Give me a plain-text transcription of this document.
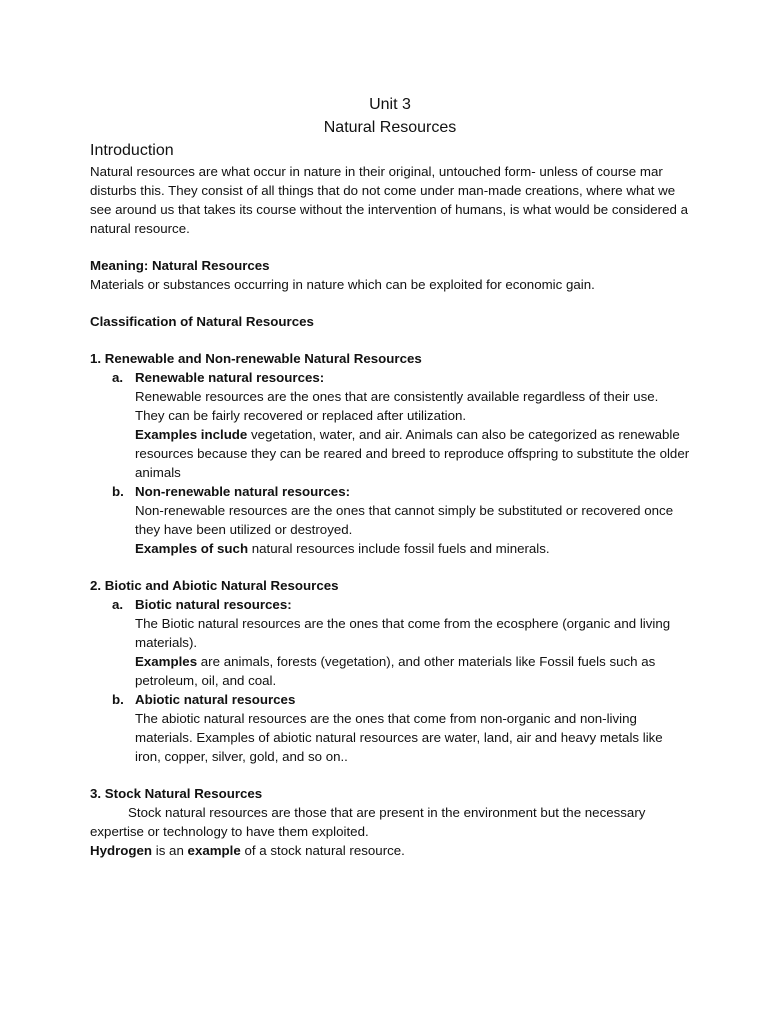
Unit 3

Natural Resources

Introduction

Natural resources are what occur in nature in their original, untouched form- unless of course mar disturbs this. They consist of all things that do not come under man-made creations, where what we see around us that takes its course without the intervention of humans, is what would be considered a natural resource.

Meaning: Natural Resources

Materials or substances occurring in nature which can be exploited for economic gain.

Classification of Natural Resources

1. Renewable and Non-renewable Natural Resources

a. Renewable natural resources:

Renewable resources are the ones that are consistently available regardless of their use. They can be fairly recovered or replaced after utilization.

Examples include vegetation, water, and air. Animals can also be categorized as renewable resources because they can be reared and breed to reproduce offspring to substitute the older animals

b. Non-renewable natural resources:

Non-renewable resources are the ones that cannot simply be substituted or recovered once they have been utilized or destroyed.

Examples of such natural resources include fossil fuels and minerals.

2. Biotic and Abiotic Natural Resources

a. Biotic natural resources:

The Biotic natural resources are the ones that come from the ecosphere (organic and living materials).

Examples are animals, forests (vegetation), and other materials like Fossil fuels such as petroleum, oil, and coal.

b. Abiotic natural resources

The abiotic natural resources are the ones that come from non-organic and non-living materials. Examples of abiotic natural resources are water, land, air and heavy metals like iron, copper, silver, gold, and so on..

3. Stock Natural Resources

Stock natural resources are those that are present in the environment but the necessary expertise or technology to have them exploited.

Hydrogen is an example of a stock natural resource.
